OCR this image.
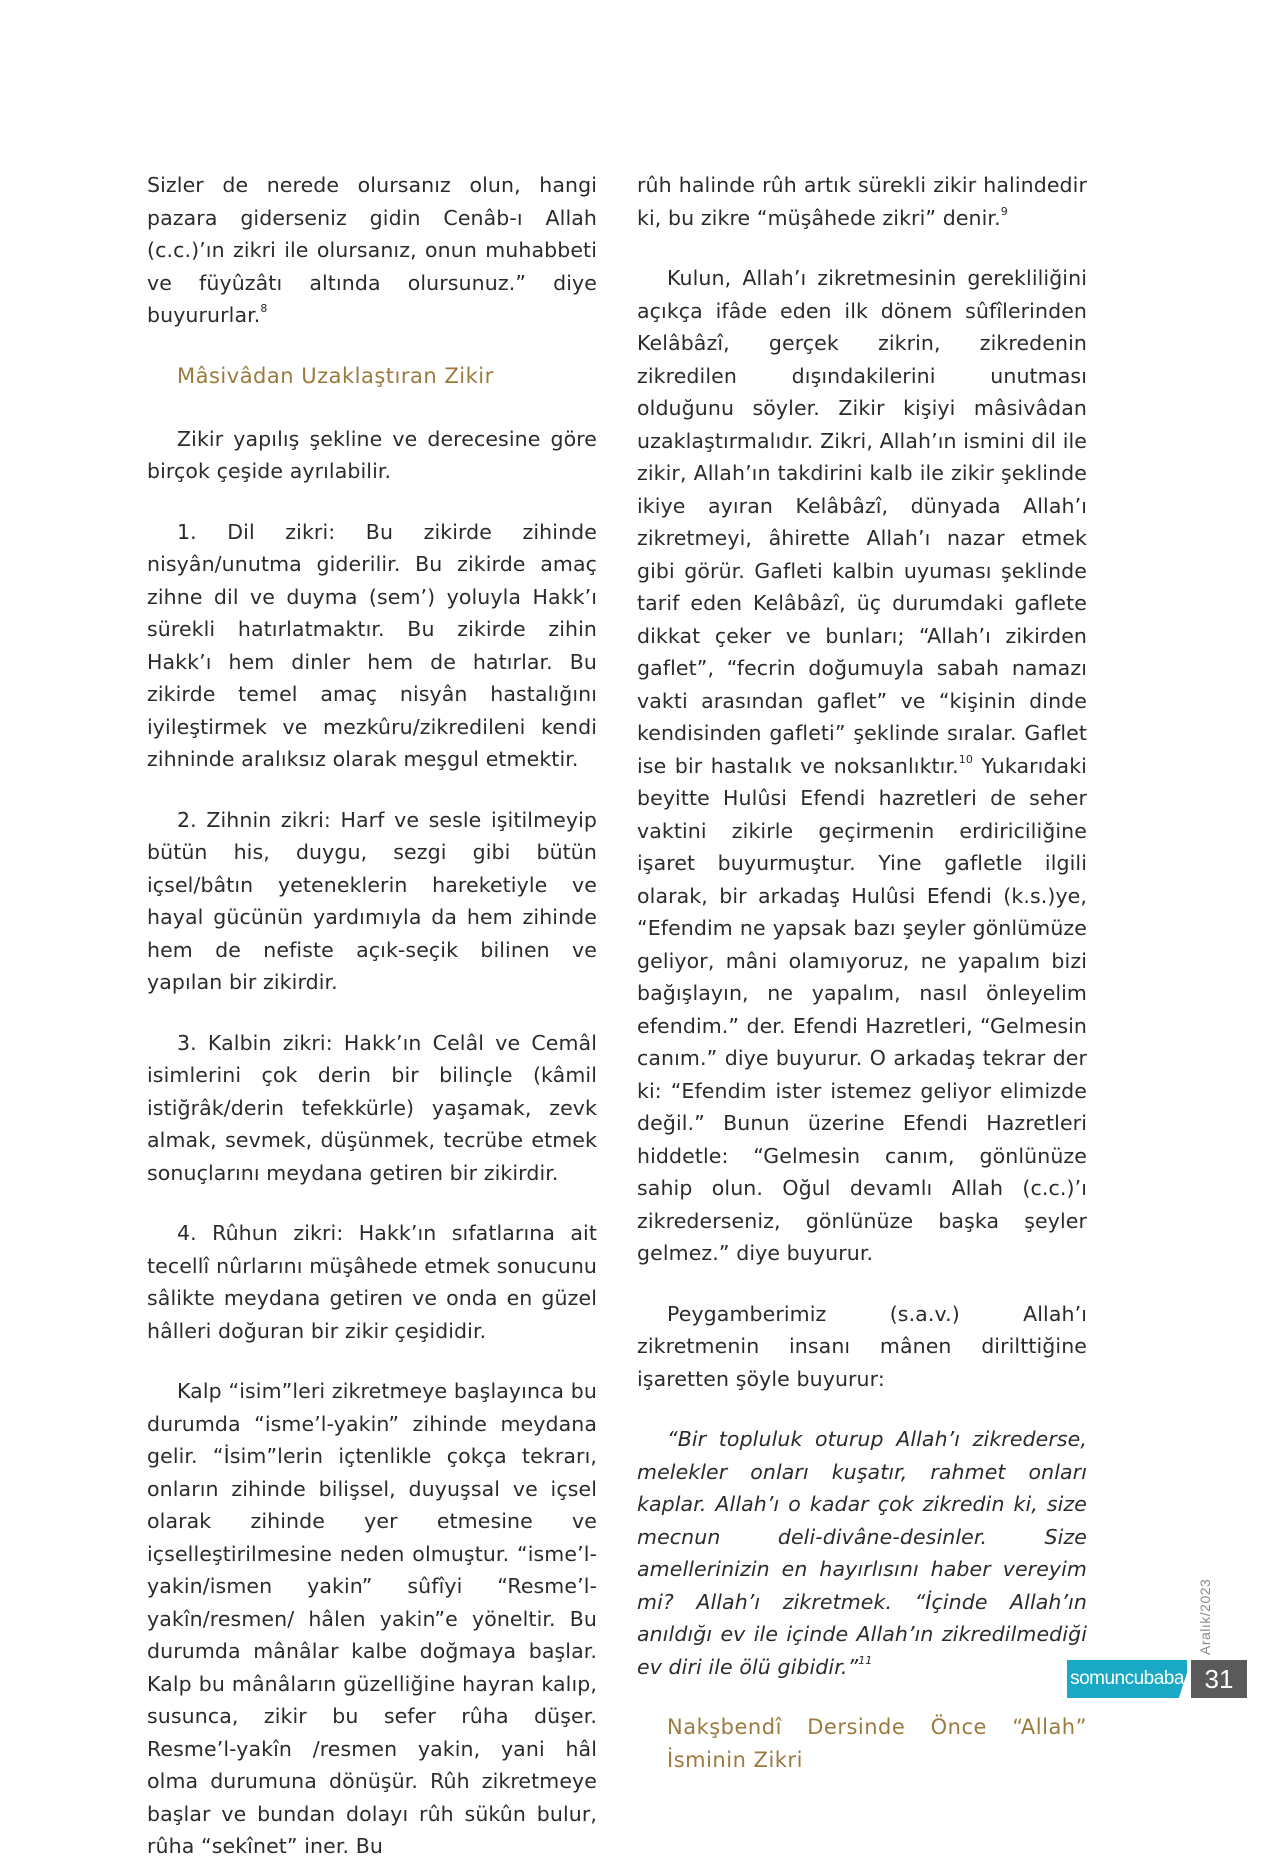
Sizler de nerede olursanız olun, hangi pazara giderseniz gidin Cenâb-ı Allah (c.c.)’ın zikri ile olursanız, onun muhabbeti ve füyûzâtı altında olursunuz.” diye buyururlar.$^8$

Mâsivâdan Uzaklaştıran Zikir

Zikir yapılış şekline ve derecesine göre birçok çeşide ayrılabilir.

1. Dil zikri: Bu zikirde zihinde nisyân/unutma giderilir. Bu zikirde amaç zihne dil ve duyma (sem’) yoluyla Hakk’ı sürekli hatırlatmaktır. Bu zikirde zihin Hakk’ı hem dinler hem de hatırlar. Bu zikirde temel amaç nisyân hastalığını iyileştirmek ve mezkûru/zikredileni kendi zihninde aralıksız olarak meşgul etmektir.

2. Zihnin zikri: Harf ve sesle işitilmeyip bütün his, duygu, sezgi gibi bütün içsel/bâtın yeteneklerin hareketiyle ve hayal gücünün yardımıyla da hem zihinde hem de nefiste açık-seçik bilinen ve yapılan bir zikirdir.

3. Kalbin zikri: Hakk’ın Celâl ve Cemâl isimlerini çok derin bir bilinçle (kâmil istiğrâk/derin tefekkürle) yaşamak, zevk almak, sevmek, düşünmek, tecrübe etmek sonuçlarını meydana getiren bir zikirdir.

4. Rûhun zikri: Hakk’ın sıfatlarına ait tecellî nûrlarını müşâhede etmek sonucunu sâlikte meydana getiren ve onda en güzel hâlleri doğuran bir zikir çeşididir.

Kalp “isim”leri zikretmeye başlayınca bu durumda “isme’l-yakin” zihinde meydana gelir. “İsim”lerin içtenlikle çokça tekrarı, onların zihinde bilişsel, duyuşsal ve içsel olarak zihinde yer etmesine ve içselleştirilmesine neden olmuştur. “isme’l-yakin/ismen yakin” sûfîyi “Resme’l-yakîn/resmen/ hâlen yakin”e yöneltir. Bu durumda mânâlar kalbe doğmaya başlar. Kalp bu mânâların güzelliğine hayran kalıp, susunca, zikir bu sefer rûha düşer. Resme’l-yakîn /resmen yakin, yani hâl olma durumuna dönüşür. Rûh zikretmeye başlar ve bundan dolayı rûh sükûn bulur, rûha “sekînet” iner. Bu

rûh halinde rûh artık sürekli zikir halindedir ki, bu zikre “müşâhede zikri” denir.$^9$

Kulun, Allah’ı zikretmesinin gerekliliğini açıkça ifâde eden ilk dönem sûfîlerinden Kelâbâzî, gerçek zikrin, zikredenin zikredilen dışındakilerini unutması olduğunu söyler. Zikir kişiyi mâsivâdan uzaklaştırmalıdır. Zikri, Allah’ın ismini dil ile zikir, Allah’ın takdirini kalb ile zikir şeklinde ikiye ayıran Kelâbâzî, dünyada Allah’ı zikretmeyi, âhirette Allah’ı nazar etmek gibi görür. Gafleti kalbin uyuması şeklinde tarif eden Kelâbâzî, üç durumdaki gaflete dikkat çeker ve bunları; “Allah’ı zikirden gaflet”, “fecrin doğumuyla sabah namazı vakti arasından gaflet” ve “kişinin dinde kendisinden gafleti” şeklinde sıralar. Gaflet ise bir hastalık ve noksanlıktır.$^{10}$ Yukarıdaki beyitte Hulûsi Efendi hazretleri de seher vaktini zikirle geçirmenin erdiriciliğine işaret buyurmuştur. Yine gafletle ilgili olarak, bir arkadaş Hulûsi Efendi (k.s.)ye, “Efendim ne yapsak bazı şeyler gönlümüze geliyor, mâni olamıyoruz, ne yapalım bizi bağışlayın, ne yapalım, nasıl önleyelim efendim.” der. Efendi Hazretleri, “Gelmesin canım.” diye buyurur. O arkadaş tekrar der ki: “Efendim ister istemez geliyor elimizde değil.” Bunun üzerine Efendi Hazretleri hiddetle: “Gelmesin canım, gönlünüze sahip olun. Oğul devamlı Allah (c.c.)’ı zikrederseniz, gönlünüze başka şeyler gelmez.” diye buyurur.

Peygamberimiz (s.a.v.) Allah’ı zikretmenin insanı mânen dirilttiğine işaretten şöyle buyurur:

“Bir topluluk oturup Allah’ı zikrederse, melekler onları kuşatır, rahmet onları kaplar. Allah’ı o kadar çok zikredin ki, size mecnun deli-divâne-desinler. Size amellerinizin en hayırlısını haber vereyim mi? Allah’ı zikretmek. “İçinde Allah’ın anıldığı ev ile içinde Allah’ın zikredilmediği ev diri ile ölü gibidir.”$^{11}$

Nakşbendî Dersinde Önce “Allah” İsminin Zikri
Aralık/2023
somuncubaba 31
